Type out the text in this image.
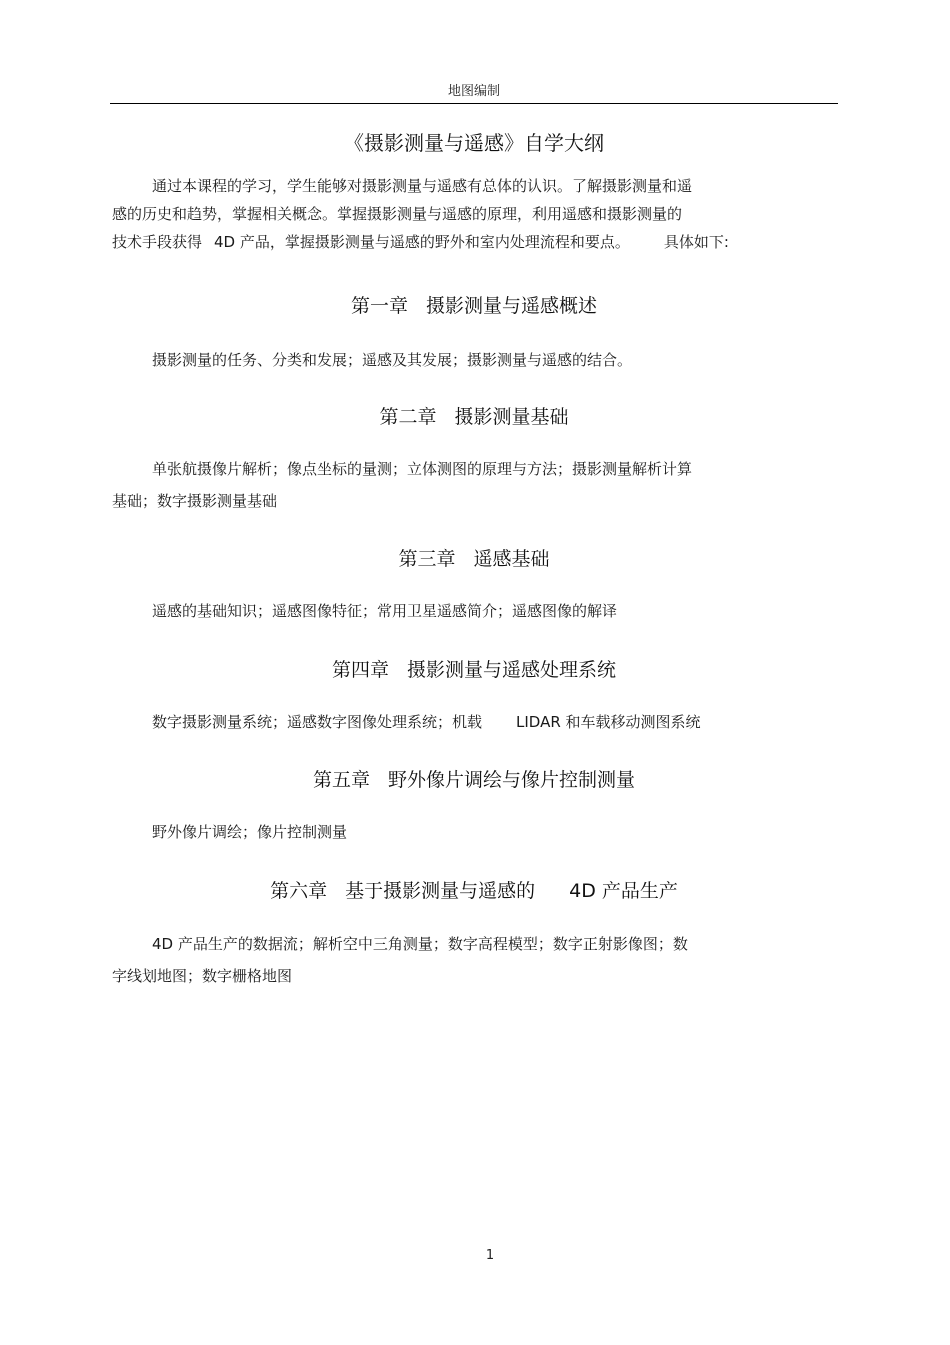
地图编制
《摄影测量与遥感》自学大纲
通过本课程的学习，学生能够对摄影测量与遥感有总体的认识。了解摄影测量和遥
感的历史和趋势，掌握相关概念。掌握摄影测量与遥感的原理，利用遥感和摄影测量的
技术手段获得 4D 产品，掌握摄影测量与遥感的野外和室内处理流程和要点。 具体如下:
第一章 摄影测量与遥感概述
摄影测量的任务、分类和发展；遥感及其发展；摄影测量与遥感的结合。
第二章 摄影测量基础
单张航摄像片解析；像点坐标的量测；立体测图的原理与方法；摄影测量解析计算
基础；数字摄影测量基础
第三章 遥感基础
遥感的基础知识；遥感图像特征；常用卫星遥感简介；遥感图像的解译
第四章 摄影测量与遥感处理系统
数字摄影测量系统；遥感数字图像处理系统；机载 LIDAR 和车载移动测图系统
第五章 野外像片调绘与像片控制测量
野外像片调绘；像片控制测量
第六章 基于摄影测量与遥感的 4D 产品生产
4D 产品生产的数据流；解析空中三角测量；数字高程模型；数字正射影像图；数
字线划地图；数字栅格地图
1
